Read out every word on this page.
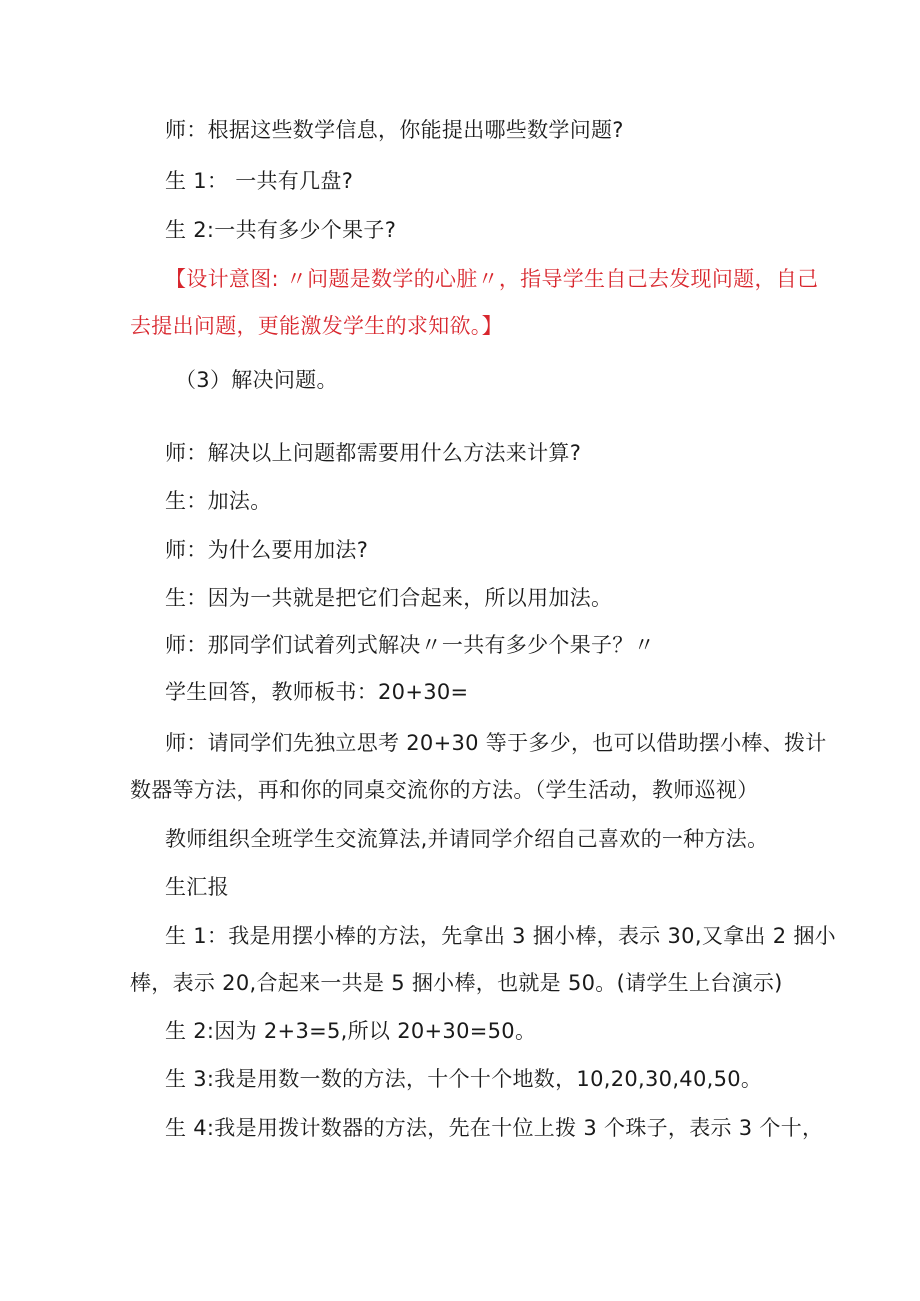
师：根据这些数学信息，你能提出哪些数学问题?
生 1： 一共有几盘?
生 2:一共有多少个果子?
【设计意图: 〃问题是数学的心脏〃，指导学生自己去发现问题，自己
去提出问题，更能激发学生的求知欲。】
（3）解决问题。
师：解决以上问题都需要用什么方法来计算?
生：加法。
师：为什么要用加法?
生：因为一共就是把它们合起来，所以用加法。
师：那同学们试着列式解决〃一共有多少个果子？〃
学生回答，教师板书：20+30=
师：请同学们先独立思考 20+30 等于多少，也可以借助摆小棒、拨计
数器等方法，再和你的同桌交流你的方法。（学生活动，教师巡视）
教师组织全班学生交流算法,并请同学介绍自己喜欢的一种方法。
生汇报
生 1：我是用摆小棒的方法，先拿出 3 捆小棒，表示 30,又拿出 2 捆小
棒，表示 20,合起来一共是 5 捆小棒，也就是 50。(请学生上台演示)
生 2:因为 2+3=5,所以 20+30=50。
生 3:我是用数一数的方法，十个十个地数，10,20,30,40,50。
生 4:我是用拨计数器的方法，先在十位上拨 3 个珠子，表示 3 个十，
